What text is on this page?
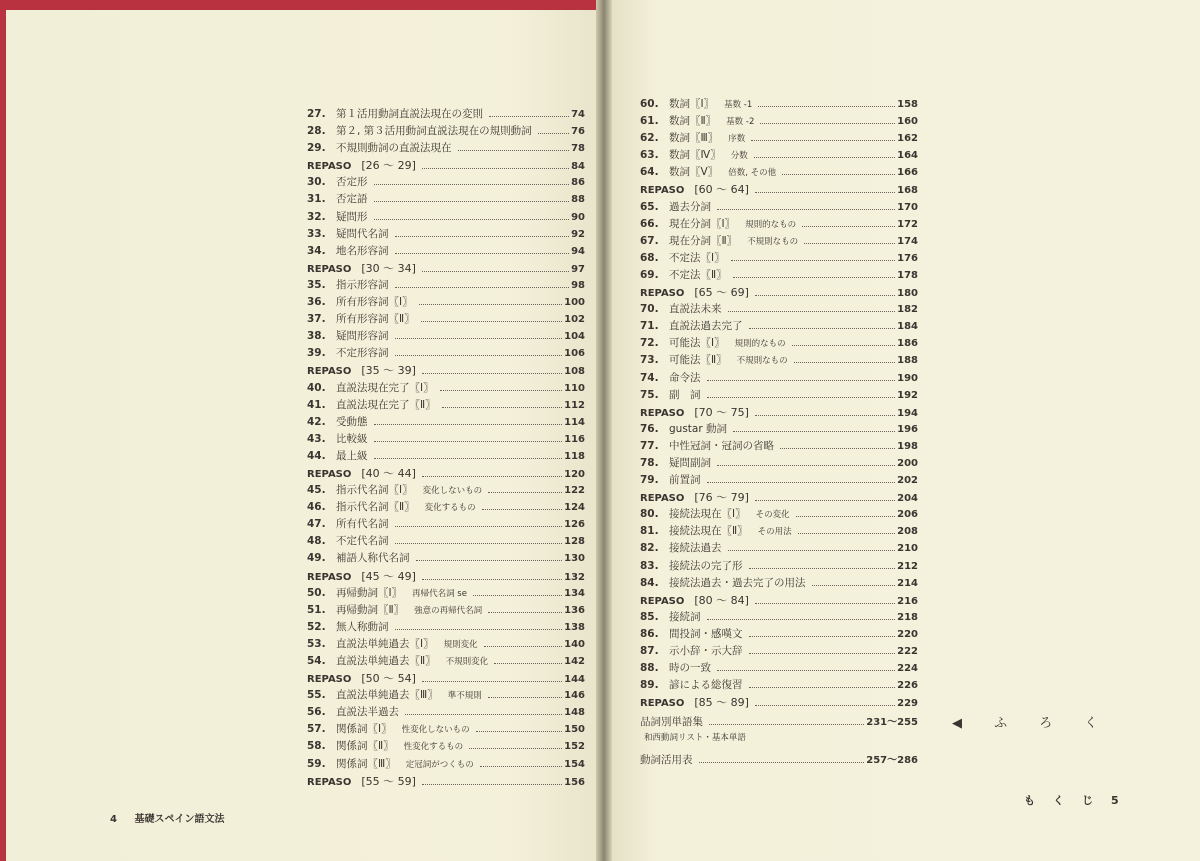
27. 第１活用動詞直説法現在の変則	74
28. 第２, 第３活用動詞直説法現在の規則動詞	76
29. 不規則動詞の直説法現在	78
REPASO [26 ～ 29]	84
30. 否定形	86
31. 否定語	88
32. 疑問形	90
33. 疑問代名詞	92
34. 地名形容詞	94
REPASO [30 ～ 34]	97
35. 指示形容詞	98
36. 所有形容詞〖Ⅰ〗	100
37. 所有形容詞〖Ⅱ〗	102
38. 疑問形容詞	104
39. 不定形容詞	106
REPASO [35 ～ 39]	108
40. 直説法現在完了〖Ⅰ〗	110
41. 直説法現在完了〖Ⅱ〗	112
42. 受動態	114
43. 比較級	116
44. 最上級	118
REPASO [40 ～ 44]	120
45. 指示代名詞〖Ⅰ〗 変化しないもの	122
46. 指示代名詞〖Ⅱ〗 変化するもの	124
47. 所有代名詞	126
48. 不定代名詞	128
49. 補語人称代名詞	130
REPASO [45 ～ 49]	132
50. 再帰動詞〖Ⅰ〗 再帰代名詞 se	134
51. 再帰動詞〖Ⅱ〗 強意の再帰代名詞	136
52. 無人称動詞	138
53. 直説法単純過去〖Ⅰ〗 規則変化	140
54. 直説法単純過去〖Ⅱ〗 不規則変化	142
REPASO [50 ～ 54]	144
55. 直説法単純過去〖Ⅲ〗 準不規則	146
56. 直説法半過去	148
57. 関係詞〖Ⅰ〗 性変化しないもの	150
58. 関係詞〖Ⅱ〗 性変化するもの	152
59. 関係詞〖Ⅲ〗 定冠詞がつくもの	154
REPASO [55 ～ 59]	156
4 基礎スペイン語文法
60. 数詞〖Ⅰ〗 基数 -1	158
61. 数詞〖Ⅱ〗 基数 -2	160
62. 数詞〖Ⅲ〗 序数	162
63. 数詞〖Ⅳ〗 分数	164
64. 数詞〖Ⅴ〗 倍数, その他	166
REPASO [60 ～ 64]	168
65. 過去分詞	170
66. 現在分詞〖Ⅰ〗 規則的なもの	172
67. 現在分詞〖Ⅱ〗 不規則なもの	174
68. 不定法〖Ⅰ〗	176
69. 不定法〖Ⅱ〗	178
REPASO [65 ～ 69]	180
70. 直説法未来	182
71. 直説法過去完了	184
72. 可能法〖Ⅰ〗 規則的なもの	186
73. 可能法〖Ⅱ〗 不規則なもの	188
74. 命令法	190
75. 副　詞	192
REPASO [70 ～ 75]	194
76. gustar 動詞	196
77. 中性冠詞・冠詞の省略	198
78. 疑問副詞	200
79. 前置詞	202
REPASO [76 ～ 79]	204
80. 接続法現在〖Ⅰ〗 その変化	206
81. 接続法現在〖Ⅱ〗 その用法	208
82. 接続法過去	210
83. 接続法の完了形	212
84. 接続法過去・過去完了の用法	214
REPASO [80 ～ 84]	216
85. 接続詞	218
86. 間投詞・感嘆文	220
87. 示小辞・示大辞	222
88. 時の一致	224
89. 諺による総復習	226
REPASO [85 ～ 89]	229
品詞別単語集	231～255
和西動詞リスト・基本単語
動詞活用表	257～286
◀ ふ ろ く
もくじ5
